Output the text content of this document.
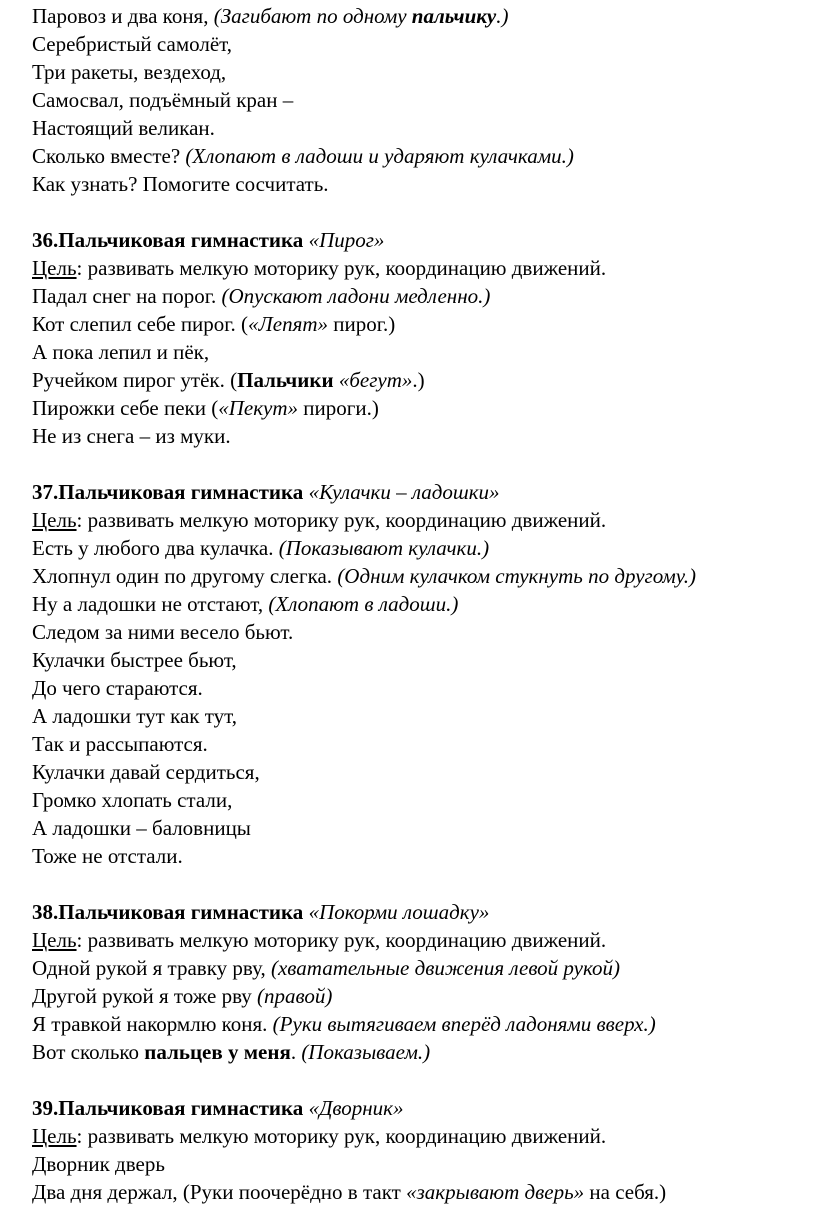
Паровоз и два коня, (Загибают по одному пальчику.)
Серебристый самолёт,
Три ракеты, вездеход,
Самосвал, подъёмный кран –
Настоящий великан.
Сколько вместе? (Хлопают в ладоши и ударяют кулачками.)
Как узнать? Помогите сосчитать.
36.Пальчиковая гимнастика «Пирог»
Цель: развивать мелкую моторику рук, координацию движений.
Падал снег на порог. (Опускают ладони медленно.)
Кот слепил себе пирог. («Лепят» пирог.)
А пока лепил и пёк,
Ручейком пирог утёк. (Пальчики «бегут».)
Пирожки себе пеки («Пекут» пироги.)
Не из снега – из муки.
37.Пальчиковая гимнастика «Кулачки – ладошки»
Цель: развивать мелкую моторику рук, координацию движений.
Есть у любого два кулачка. (Показывают кулачки.)
Хлопнул один по другому слегка. (Одним кулачком стукнуть по другому.)
Ну а ладошки не отстают, (Хлопают в ладоши.)
Следом за ними весело бьют.
Кулачки быстрее бьют,
До чего стараются.
А ладошки тут как тут,
Так и рассыпаются.
Кулачки давай сердиться,
Громко хлопать стали,
А ладошки – баловницы
Тоже не отстали.
38.Пальчиковая гимнастика «Покорми лошадку»
Цель: развивать мелкую моторику рук, координацию движений.
Одной рукой я травку рву, (хватательные движения левой рукой)
Другой рукой я тоже рву (правой)
Я травкой накормлю коня. (Руки вытягиваем вперёд ладонями вверх.)
Вот сколько пальцев у меня. (Показываем.)
39.Пальчиковая гимнастика «Дворник»
Цель: развивать мелкую моторику рук, координацию движений.
Дворник дверь
Два дня держал, (Руки поочерёдно в такт «закрывают дверь» на себя.)
